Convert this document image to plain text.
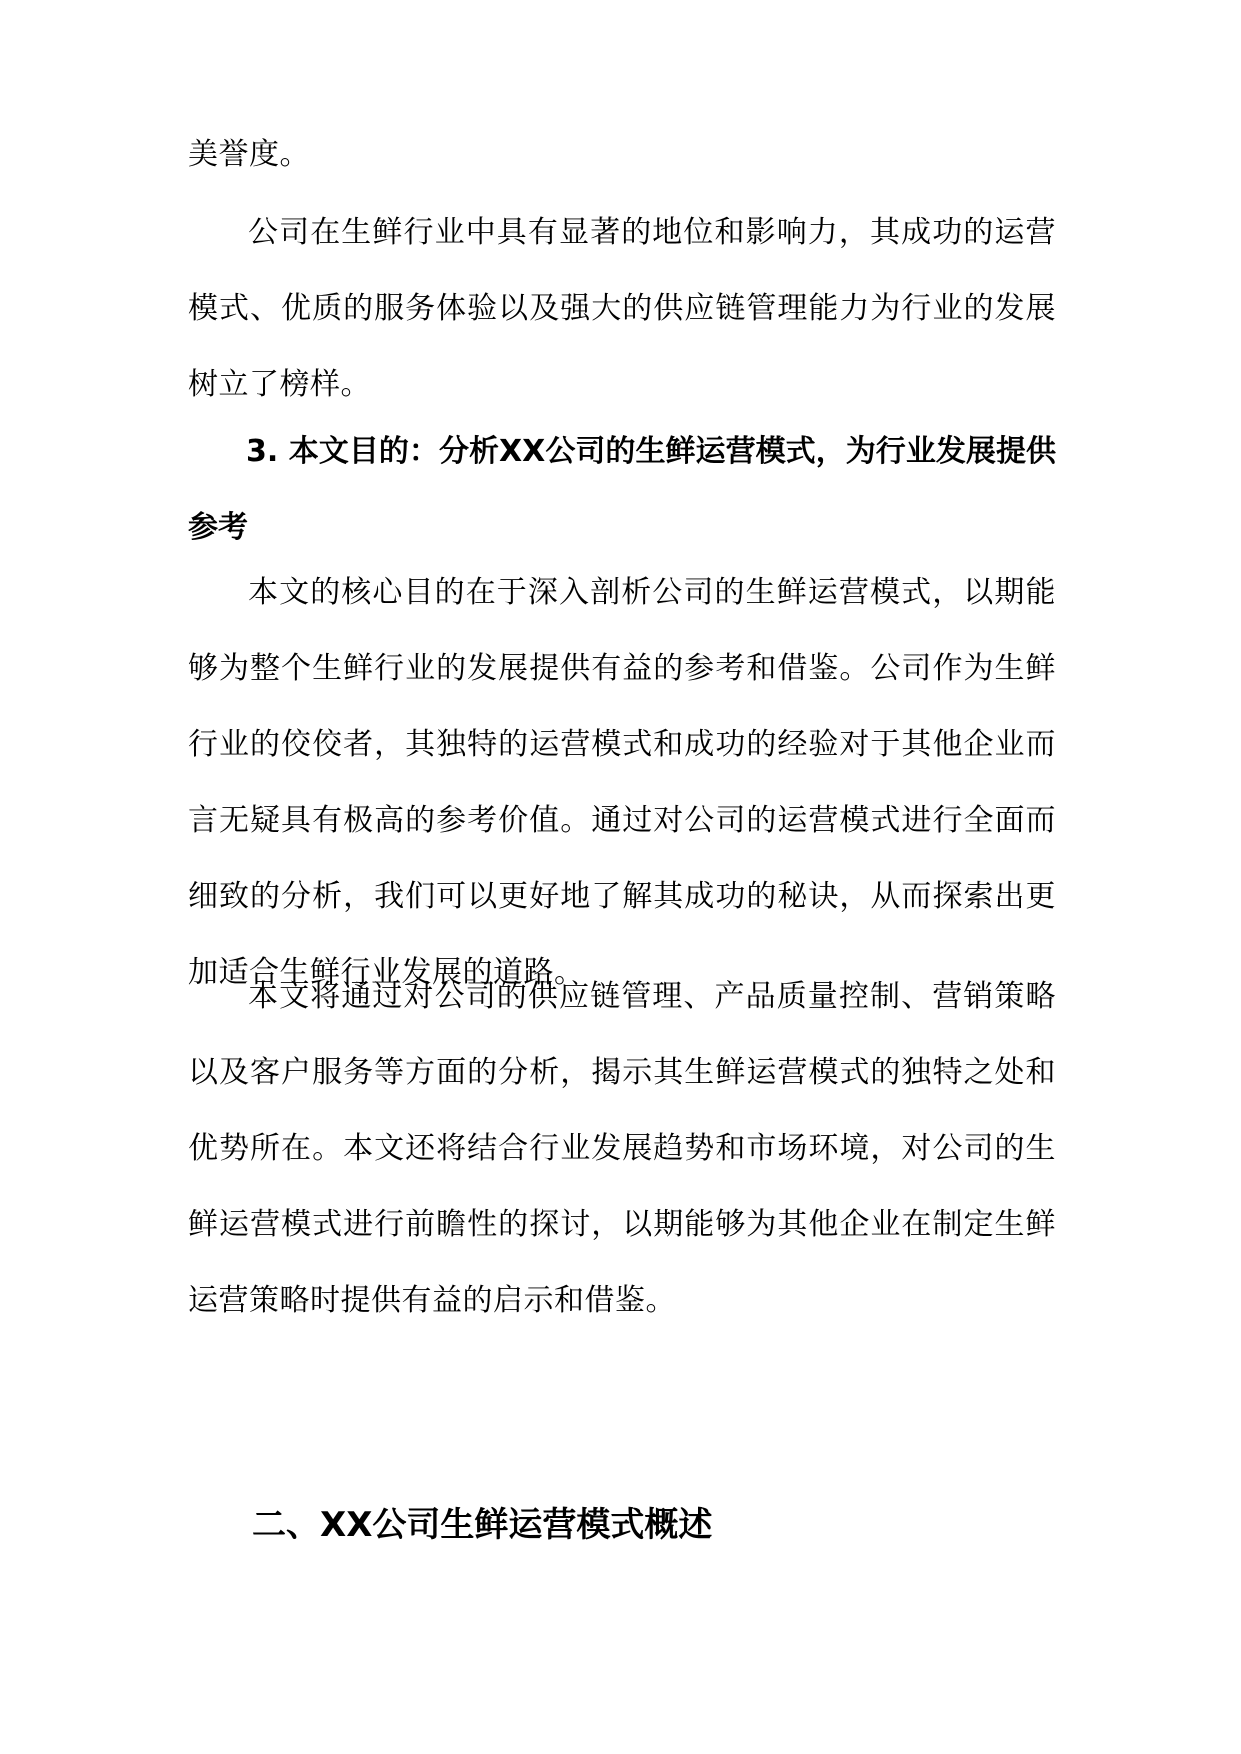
美誉度。

公司在生鲜行业中具有显著的地位和影响力，其成功的运营模式、优质的服务体验以及强大的供应链管理能力为行业的发展树立了榜样。

3. 本文目的：分析XX公司的生鲜运营模式，为行业发展提供参考

本文的核心目的在于深入剖析公司的生鲜运营模式，以期能够为整个生鲜行业的发展提供有益的参考和借鉴。公司作为生鲜行业的佼佼者，其独特的运营模式和成功的经验对于其他企业而言无疑具有极高的参考价值。通过对公司的运营模式进行全面而细致的分析，我们可以更好地了解其成功的秘诀，从而探索出更加适合生鲜行业发展的道路。

本文将通过对公司的供应链管理、产品质量控制、营销策略以及客户服务等方面的分析，揭示其生鲜运营模式的独特之处和优势所在。本文还将结合行业发展趋势和市场环境，对公司的生鲜运营模式进行前瞻性的探讨，以期能够为其他企业在制定生鲜运营策略时提供有益的启示和借鉴。

二、XX公司生鲜运营模式概述
